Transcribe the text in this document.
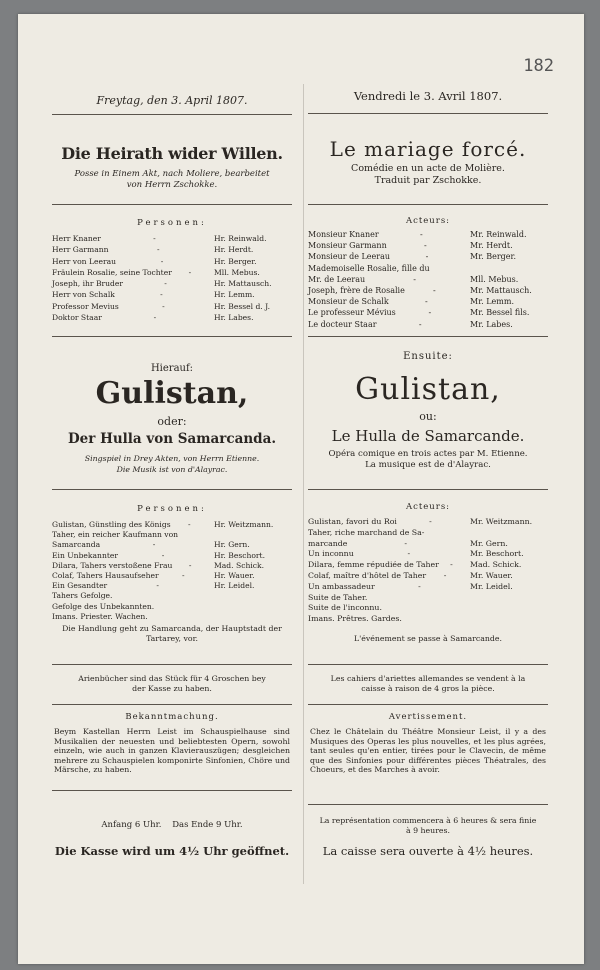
182
Freytag, den 3. April 1807.
Die Heirath wider Willen.
Posse in Einem Akt, nach Moliere, bearbeitet
von Herrn Zschokke.
Personen:
Herr Knaner	-	Hr. Reinwald.
Herr Garmann	-	Hr. Herdt.
Herr von Leerau	-	Hr. Berger.
Fräulein Rosalie, seine Tochter	-	Mll. Mebus.
Joseph, ihr Bruder	-	Hr. Mattausch.
Herr von Schalk	-	Hr. Lemm.
Professor Mevius	-	Hr. Bessel d. J.
Doktor Staar	-	Hr. Labes.
Hierauf:
Gulistan,
oder:
Der Hulla von Samarcanda.
Singspiel in Drey Akten, von Herrn Etienne.
Die Musik ist von d'Alayrac.
Personen:
Gulistan, Günstling des Königs	-	Hr. Weitzmann.
Taher, ein reicher Kaufmann von
Samarcanda	-	Hr. Gern.
Ein Unbekannter	-	Hr. Beschort.
Dilara, Tahers verstoßene Frau	-	Mad. Schick.
Colaf, Tahers Hausaufseher	-	Hr. Wauer.
Ein Gesandter	-	Hr. Leidel.
Tahers Gefolge.
Gefolge des Unbekannten.
Imans. Priester. Wachen.
Die Handlung geht zu Samarcanda, der Hauptstadt der Tartarey, vor.
Arienbücher sind das Stück für 4 Groschen bey der Kasse zu haben.
Bekanntmachung.
Beym Kastellan Herrn Leist im Schauspielhause sind Musikalien der neuesten und beliebtesten Opern, sowohl einzeln, wie auch in ganzen Klavierauszügen; desgleichen mehrere zu Schauspielen komponirte Sinfonien, Chöre und Märsche, zu haben.
Anfang 6 Uhr.    Das Ende 9 Uhr.
Die Kasse wird um 4½ Uhr geöffnet.
Vendredi le 3. Avril 1807.
Le mariage forcé.
Comédie en un acte de Molière.
Traduit par Zschokke.
Acteurs:
Monsieur Knaner	-	Mr. Reinwald.
Monsieur Garmann	-	Mr. Herdt.
Monsieur de Leerau	-	Mr. Berger.
Mademoiselle Rosalie, fille du
Mr. de Leerau	-	Mll. Mebus.
Joseph, frère de Rosalie	-	Mr. Mattausch.
Monsieur de Schalk	-	Mr. Lemm.
Le professeur Mévius	-	Mr. Bessel fils.
Le docteur Staar	-	Mr. Labes.
Ensuite:
Gulistan,
ou:
Le Hulla de Samarcande.
Opéra comique en trois actes par M. Etienne.
La musique est de d'Alayrac.
Acteurs:
Gulistan, favori du Roi	-	Mr. Weitzmann.
Taher, riche marchand de Sa-
marcande	-	Mr. Gern.
Un inconnu	-	Mr. Beschort.
Dilara, femme répudiée de Taher	-	Mad. Schick.
Colaf, maître d'hôtel de Taher	-	Mr. Wauer.
Un ambassadeur	-	Mr. Leidel.
Suite de Taher.
Suite de l'inconnu.
Imans. Prêtres. Gardes.
L'événement se passe à Samarcande.
Les cahiers d'ariettes allemandes se vendent à la caisse à raison de 4 gros la pièce.
Avertissement.
Chez le Châtelain du Théâtre Monsieur Leist, il y a des Musiques des Operas les plus nouvelles, et les plus agrées, tant seules qu'en entier, tirées pour le Clavecin, de même que des Sinfonies pour différentes pièces Théatrales, des Choeurs, et des Marches à avoir.
La représentation commencera à 6 heures & sera finie à 9 heures.
La caisse sera ouverte à 4½ heures.
